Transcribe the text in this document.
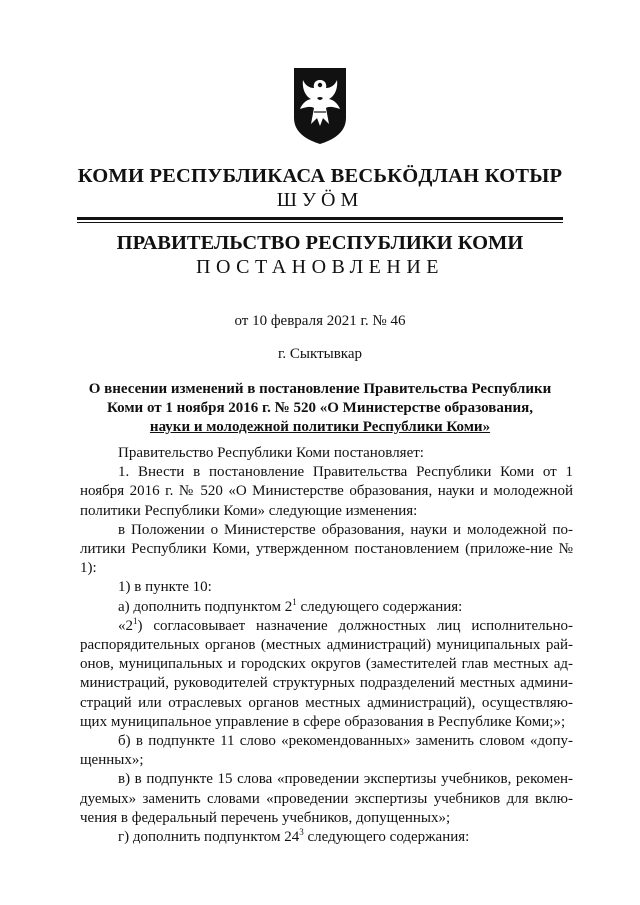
КОМИ РЕСПУБЛИКАСА ВЕСЬКӦДЛАН КОТЫР
ШУӦМ
ПРАВИТЕЛЬСТВО РЕСПУБЛИКИ КОМИ
ПОСТАНОВЛЕНИЕ
от 10 февраля 2021 г. № 46
г. Сыктывкар
О внесении изменений в постановление Правительства Республики
Коми от 1 ноября 2016 г. № 520 «О Министерстве образования,
науки и молодежной политики Республики Коми»

Правительство Республики Коми постановляет:

1. Внести в постановление Правительства Республики Коми от 1 ноября 2016 г. № 520 «О Министерстве образования, науки и молодежной политики Республики Коми» следующие изменения:

в Положении о Министерстве образования, науки и молодежной по-литики Республики Коми, утвержденном постановлением (приложе-ние № 1):

1) в пункте 10:

а) дополнить подпунктом $2^1$ следующего содержания:

«$2^1$) согласовывает назначение должностных лиц исполнительно-распорядительных органов (местных администраций) муниципальных рай-онов, муниципальных и городских округов (заместителей глав местных ад-министраций, руководителей структурных подразделений местных админи-страций или отраслевых органов местных администраций), осуществляю-щих муниципальное управление в сфере образования в Республике Коми;»;

б) в подпункте 11 слово «рекомендованных» заменить словом «допу-щенных»;

в) в подпункте 15 слова «проведении экспертизы учебников, рекомен-дуемых» заменить словами «проведении экспертизы учебников для вклю-чения в федеральный перечень учебников, допущенных»;

г) дополнить подпунктом $24^3$ следующего содержания:
